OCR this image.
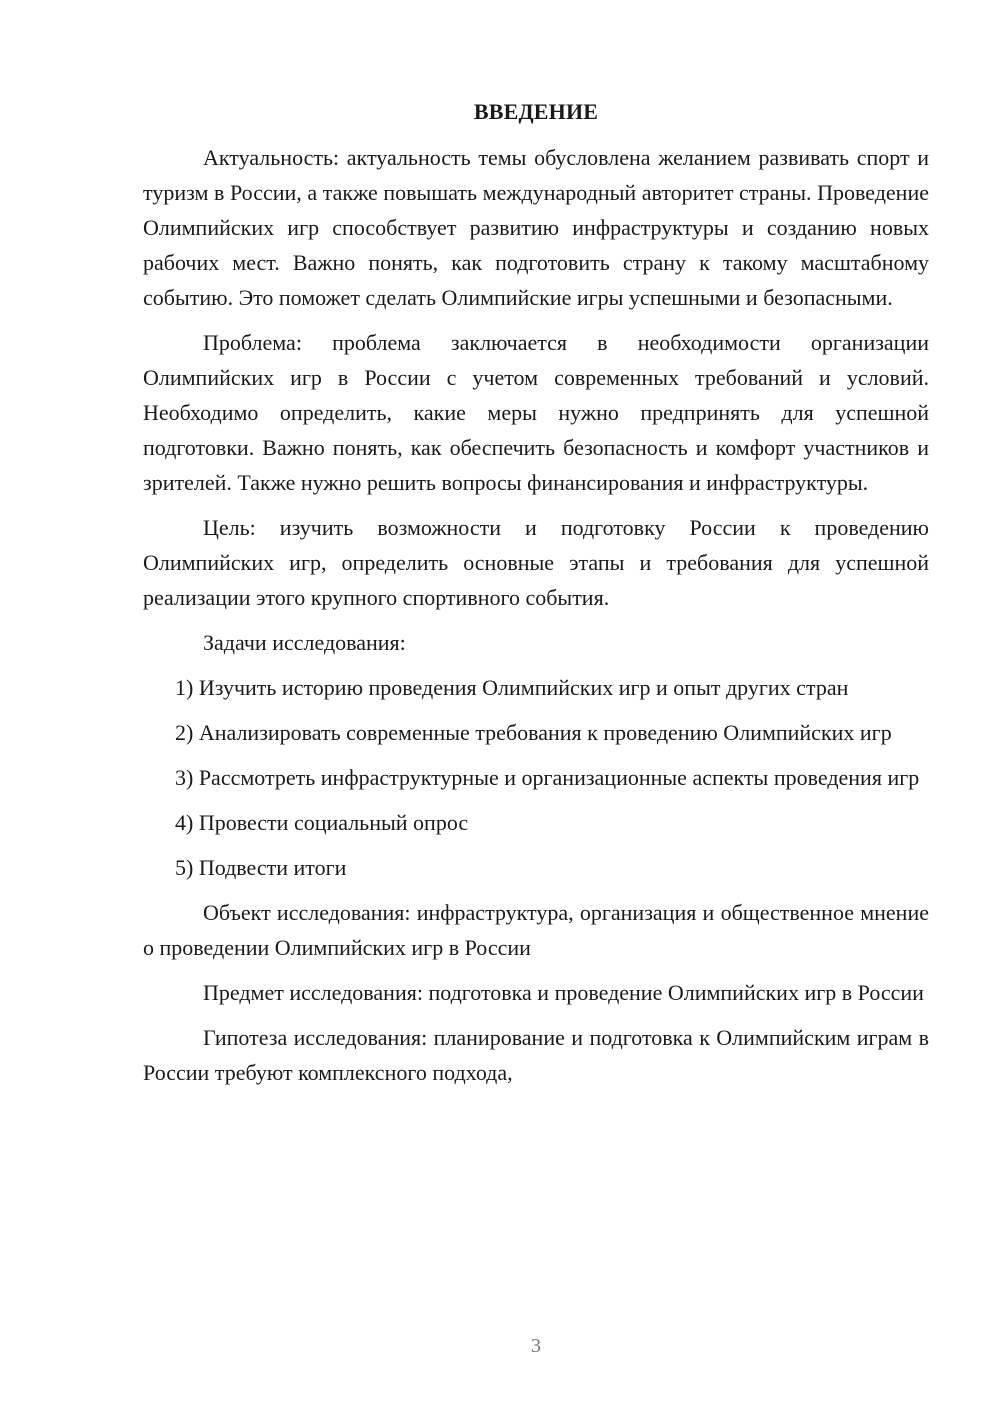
ВВЕДЕНИЕ

Актуальность: актуальность темы обусловлена желанием развивать спорт и туризм в России, а также повышать международный авторитет страны. Проведение Олимпийских игр способствует развитию инфраструктуры и созданию новых рабочих мест. Важно понять, как подготовить страну к такому масштабному событию. Это поможет сделать Олимпийские игры успешными и безопасными.

Проблема: проблема заключается в необходимости организации Олимпийских игр в России с учетом современных требований и условий. Необходимо определить, какие меры нужно предпринять для успешной подготовки. Важно понять, как обеспечить безопасность и комфорт участников и зрителей. Также нужно решить вопросы финансирования и инфраструктуры.

Цель: изучить возможности и подготовку России к проведению Олимпийских игр, определить основные этапы и требования для успешной реализации этого крупного спортивного события.

Задачи исследования:

1) Изучить историю проведения Олимпийских игр и опыт других стран

2) Анализировать современные требования к проведению Олимпийских игр

3) Рассмотреть инфраструктурные и организационные аспекты проведения игр

4) Провести социальный опрос

5) Подвести итоги

Объект исследования: инфраструктура, организация и общественное мнение о проведении Олимпийских игр в России

Предмет исследования: подготовка и проведение Олимпийских игр в России

Гипотеза исследования: планирование и подготовка к Олимпийским играм в России требуют комплексного подхода,

3
